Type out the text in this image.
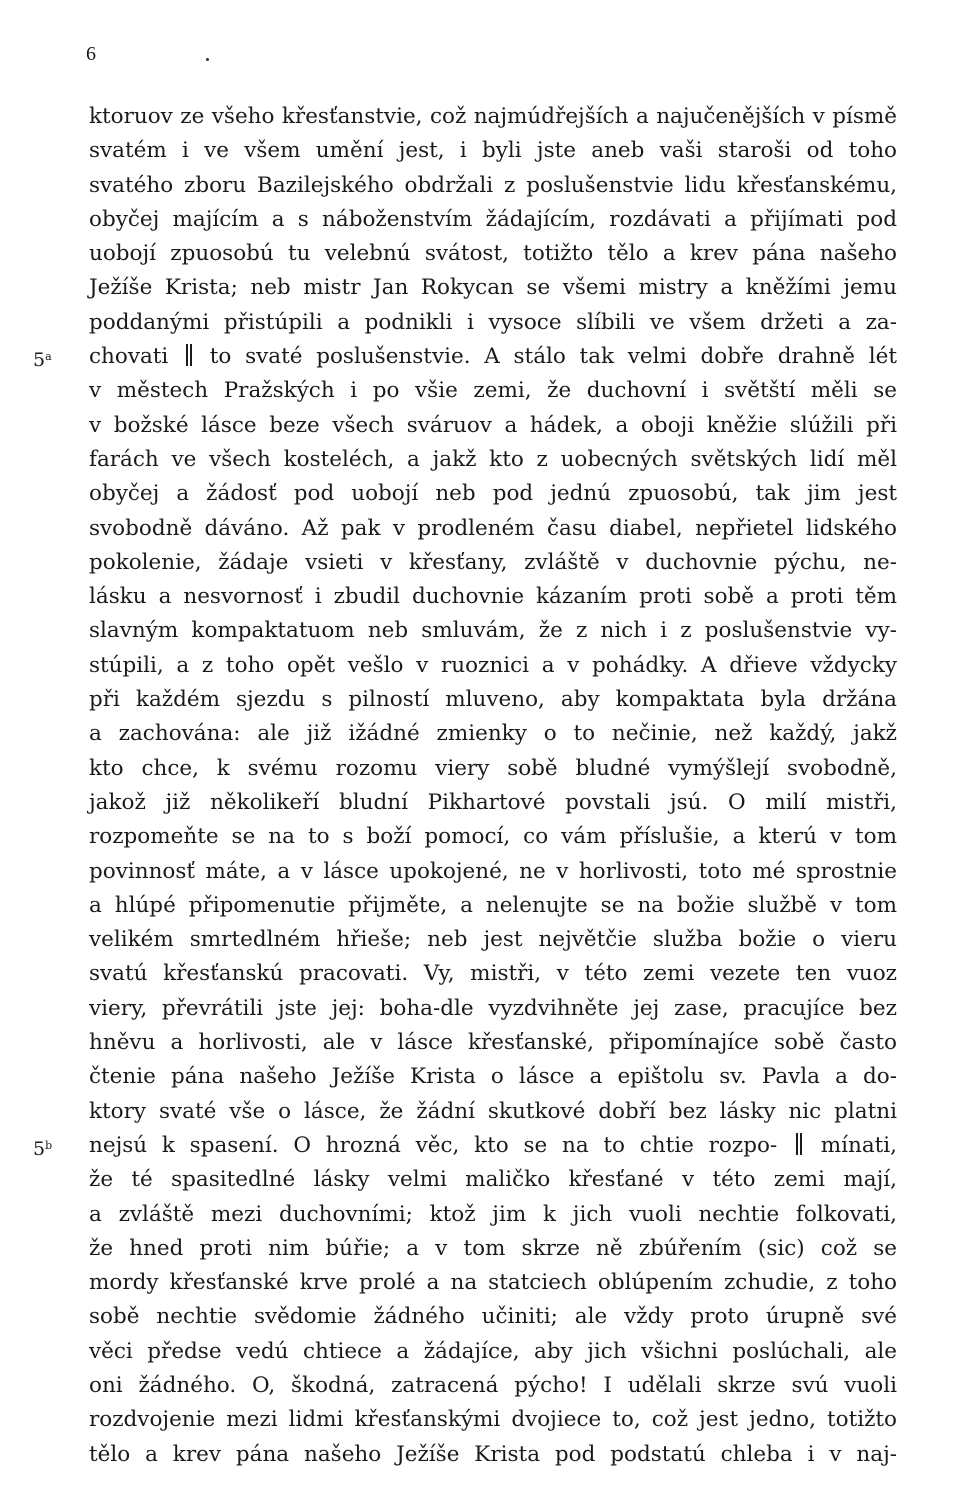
6
ktoruov ze všeho křesťanstvie, což najmúdřejších a najučenějších v písmě
svatém i ve všem umění jest, i byli jste aneb vaši staroši od toho
svatého zboru Bazilejského obdržali z poslušenstvie lidu křesťanskému,
obyčej majícím a s náboženstvím žádajícím, rozdávati a přijímati pod
uobojí zpuosobú tu velebnú svátost, totižto tělo a krev pána našeho
Ježíše Krista; neb mistr Jan Rokycan se všemi mistry a kněžími jemu
poddanými přistúpili a podnikli i vysoce slíbili ve všem držeti a za-
5$^a$ chovati to svaté poslušenstvie. A stálo tak velmi dobře drahně lét
v městech Pražských i po všie zemi, že duchovní i světští měli se
v božské lásce beze všech sváruov a hádek, a oboji kněžie slúžili při
farách ve všech kosteléch, a jakž kto z uobecných světských lidí měl
obyčej a žádosť pod uobojí neb pod jednú zpuosobú, tak jim jest
svobodně dáváno. Až pak v prodleném času diabel, nepřietel lidského
pokolenie, žádaje vsieti v křesťany, zvláště v duchovnie pýchu, ne-
lásku a nesvornosť i zbudil duchovnie kázaním proti sobě a proti těm
slavným kompaktatuom neb smluvám, že z nich i z poslušenstvie vy-
stúpili, a z toho opět vešlo v ruoznici a v pohádky. A dřieve vždycky
při každém sjezdu s pilností mluveno, aby kompaktata byla držána
a zachována: ale již ižádné zmienky o to nečinie, než každý, jakž
kto chce, k svému rozomu viery sobě bludné vymýšlejí svobodně,
jakož již několikeří bludní Pikhartové povstali jsú. O milí mistři,
rozpomeňte se na to s boží pomocí, co vám příslušie, a kterú v tom
povinnosť máte, a v lásce upokojené, ne v horlivosti, toto mé sprostnie
a hlúpé připomenutie přijměte, a nelenujte se na božie službě v tom
velikém smrtedlném hřieše; neb jest největčie služba božie o vieru
svatú křesťanskú pracovati. Vy, mistři, v této zemi vezete ten vuoz
viery, převrátili jste jej: boha-dle vyzdvihněte jej zase, pracujíce bez
hněvu a horlivosti, ale v lásce křesťanské, připomínajíce sobě často
čtenie pána našeho Ježíše Krista o lásce a epištolu sv. Pavla a do-
ktory svaté vše o lásce, že žádní skutkové dobří bez lásky nic platni
5$^b$ nejsú k spasení. O hrozná věc, kto se na to chtie rozpo- mínati,
že té spasitedlné lásky velmi maličko křesťané v této zemi mají,
a zvláště mezi duchovními; ktož jim k jich vuoli nechtie folkovati,
že hned proti nim búřie; a v tom skrze ně zbúřením (sic) což se
mordy křesťanské krve prolé a na statciech oblúpením zchudie, z toho
sobě nechtie svědomie žádného učiniti; ale vždy proto úrupně své
věci předse vedú chtiece a žádajíce, aby jich všichni poslúchali, ale
oni žádného. O, škodná, zatracená pýcho! I udělali skrze svú vuoli
rozdvojenie mezi lidmi křesťanskými dvojiece to, což jest jedno, totižto
tělo a krev pána našeho Ježíše Krista pod podstatú chleba i v naj-
